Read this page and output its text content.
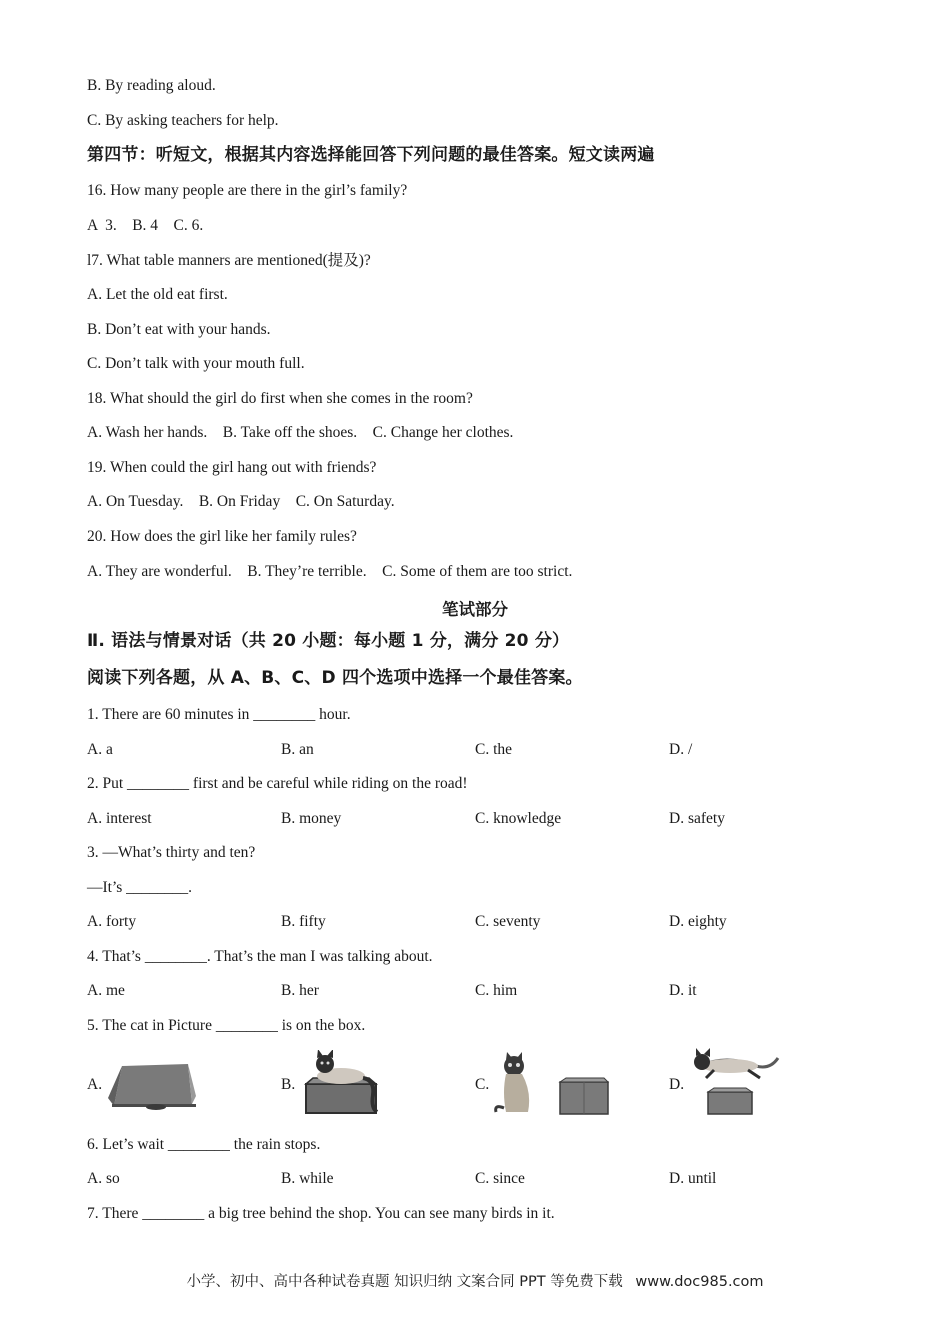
B. By reading aloud.
C. By asking teachers for help.
第四节：听短文，根据其内容选择能回答下列问题的最佳答案。短文读两遍
16. How many people are there in the girl’s family?
A  3.    B. 4    C. 6.
l7. What table manners are mentioned(提及)?
A. Let the old eat first.
B. Don’t eat with your hands.
C. Don’t talk with your mouth full.
18. What should the girl do first when she comes in the room?
A. Wash her hands.    B. Take off the shoes.    C. Change her clothes.
19. When could the girl hang out with friends?
A. On Tuesday.    B. On Friday    C. On Saturday.
20. How does the girl like her family rules?
A. They are wonderful.    B. They’re terrible.    C. Some of them are too strict.
笔试部分
Ⅱ. 语法与情景对话（共 20 小题：每小题 1 分，满分 20 分）
阅读下列各题，从 A、B、C、D 四个选项中选择一个最佳答案。
1. There are 60 minutes in ________ hour.
A. a	B. an	C. the	D. /
2. Put ________ first and be careful while riding on the road!
A. interest	B. money	C. knowledge	D. safety
3. —What’s thirty and ten?
—It’s ________.
A. forty	B. fifty	C. seventy	D. eighty
4. That’s ________. That’s the man I was talking about.
A. me	B. her	C. him	D. it
5. The cat in Picture ________ is on the box.
A.	B.	C.	D.
6. Let’s wait ________ the rain stops.
A. so	B. while	C. since	D. until
7. There ________ a big tree behind the shop. You can see many birds in it.
小学、初中、高中各种试卷真题 知识归纳 文案合同 PPT 等免费下载 www.doc985.com
